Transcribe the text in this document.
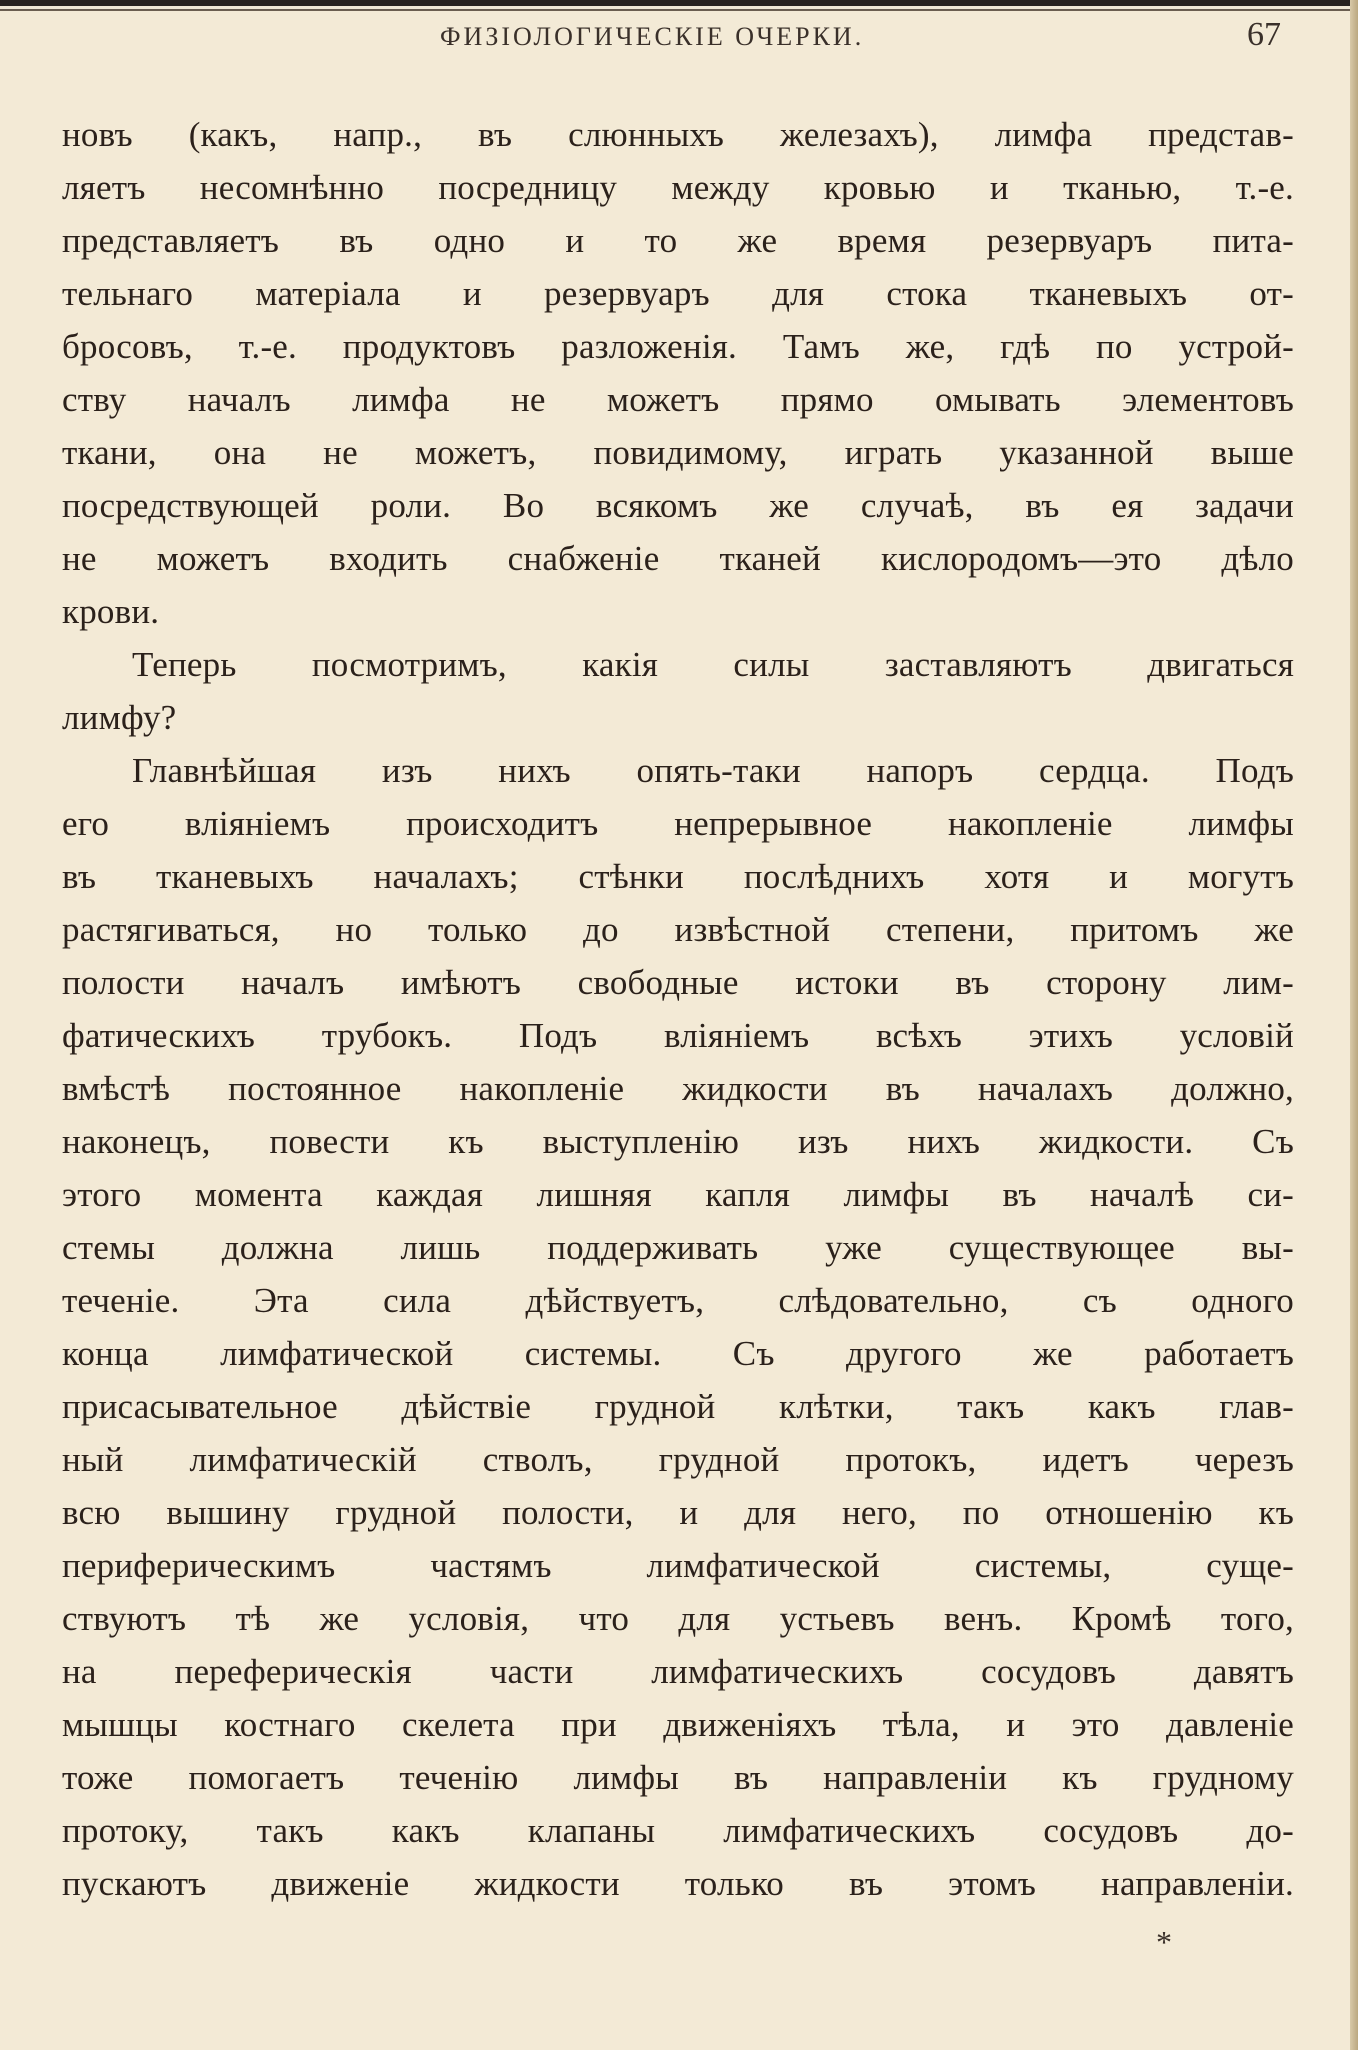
ФИЗІОЛОГИЧЕСКІЕ ОЧЕРКИ.	67
новъ (какъ, напр., въ слюнныхъ железахъ), лимфа представ-
ляетъ несомнѣнно посредницу между кровью и тканью, т.-е.
представляетъ въ одно и то же время резервуаръ пита-
тельнаго матеріала и резервуаръ для стока тканевыхъ от-
бросовъ, т.-е. продуктовъ разложенія. Тамъ же, гдѣ по устрой-
ству началъ лимфа не можетъ прямо омывать элементовъ
ткани, она не можетъ, повидимому, играть указанной выше
посредствующей роли. Во всякомъ же случаѣ, въ ея задачи
не можетъ входить снабженіе тканей кислородомъ—это дѣло
крови.
Теперь посмотримъ, какія силы заставляютъ двигаться
лимфу?
Главнѣйшая изъ нихъ опять-таки напоръ сердца. Подъ
его вліяніемъ происходитъ непрерывное накопленіе лимфы
въ тканевыхъ началахъ; стѣнки послѣднихъ хотя и могутъ
растягиваться, но только до извѣстной степени, притомъ же
полости началъ имѣютъ свободные истоки въ сторону лим-
фатическихъ трубокъ. Подъ вліяніемъ всѣхъ этихъ условій
вмѣстѣ постоянное накопленіе жидкости въ началахъ должно,
наконецъ, повести къ выступленію изъ нихъ жидкости. Съ
этого момента каждая лишняя капля лимфы въ началѣ си-
стемы должна лишь поддерживать уже существующее вы-
теченіе. Эта сила дѣйствуетъ, слѣдовательно, съ одного
конца лимфатической системы. Съ другого же работаетъ
присасывательное дѣйствіе грудной клѣтки, такъ какъ глав-
ный лимфатическій стволъ, грудной протокъ, идетъ черезъ
всю вышину грудной полости, и для него, по отношенію къ
периферическимъ частямъ лимфатической системы, суще-
ствуютъ тѣ же условія, что для устьевъ венъ. Кромѣ того,
на переферическія части лимфатическихъ сосудовъ давятъ
мышцы костнаго скелета при движеніяхъ тѣла, и это давленіе
тоже помогаетъ теченію лимфы въ направленіи къ грудному
протоку, такъ какъ клапаны лимфатическихъ сосудовъ до-
пускаютъ движеніе жидкости только въ этомъ направленіи.
*
